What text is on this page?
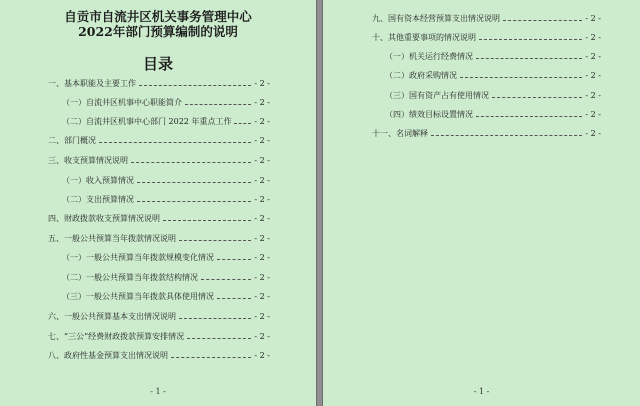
自贡市自流井区机关事务管理中心
2022年部门预算编制的说明
目录
一、基本职能及主要工作	- 2 -
（一）自流井区机事中心职能简介	- 2 -
（二）自流井区机事中心部门 2022 年重点工作	- 2 -
二、部门概况	- 2 -
三、收支预算情况说明	- 2 -
（一）收入预算情况	- 2 -
（二）支出预算情况	- 2 -
四、财政拨款收支预算情况说明	- 2 -
五、一般公共预算当年拨款情况说明	- 2 -
（一）一般公共预算当年拨款规模变化情况	- 2 -
（二）一般公共预算当年拨款结构情况	- 2 -
（三）一般公共预算当年拨款具体使用情况	- 2 -
六、一般公共预算基本支出情况说明	- 2 -
七、“三公”经费财政拨款预算安排情况	- 2 -
八、政府性基金预算支出情况说明	- 2 -
- 1 -
九、国有资本经营预算支出情况说明	- 2 -
十、其他重要事项的情况说明	- 2 -
（一）机关运行经费情况	- 2 -
（二）政府采购情况	- 2 -
（三）国有资产占有使用情况	- 2 -
（四）绩效目标设置情况	- 2 -
十一、名词解释	- 2 -
- 1 -
